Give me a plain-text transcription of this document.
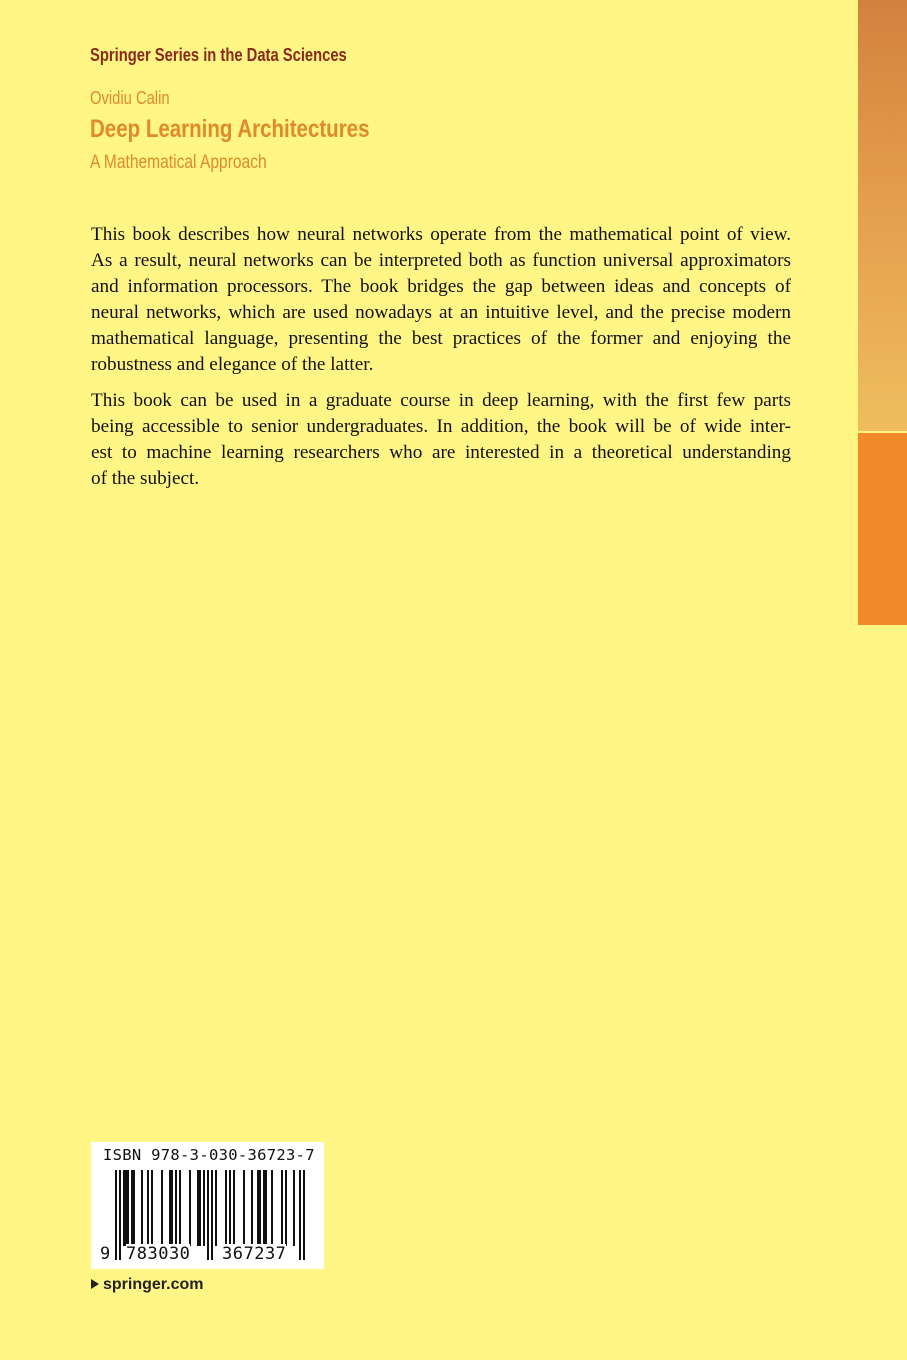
Springer Series in the Data Sciences
Ovidiu Calin
Deep Learning Architectures
A Mathematical Approach
This book describes how neural networks operate from the mathematical point of view.
As a result, neural networks can be interpreted both as function universal approximators
and information processors. The book bridges the gap between ideas and concepts of
neural networks, which are used nowadays at an intuitive level, and the precise modern
mathematical language, presenting the best practices of the former and enjoying the
robustness and elegance of the latter.
This book can be used in a graduate course in deep learning, with the first few parts
being accessible to senior undergraduates. In addition, the book will be of wide inter-
est to machine learning researchers who are interested in a theoretical understanding
of the subject.
ISBN 978-3-030-36723-7
9 783030 367237
springer.com
